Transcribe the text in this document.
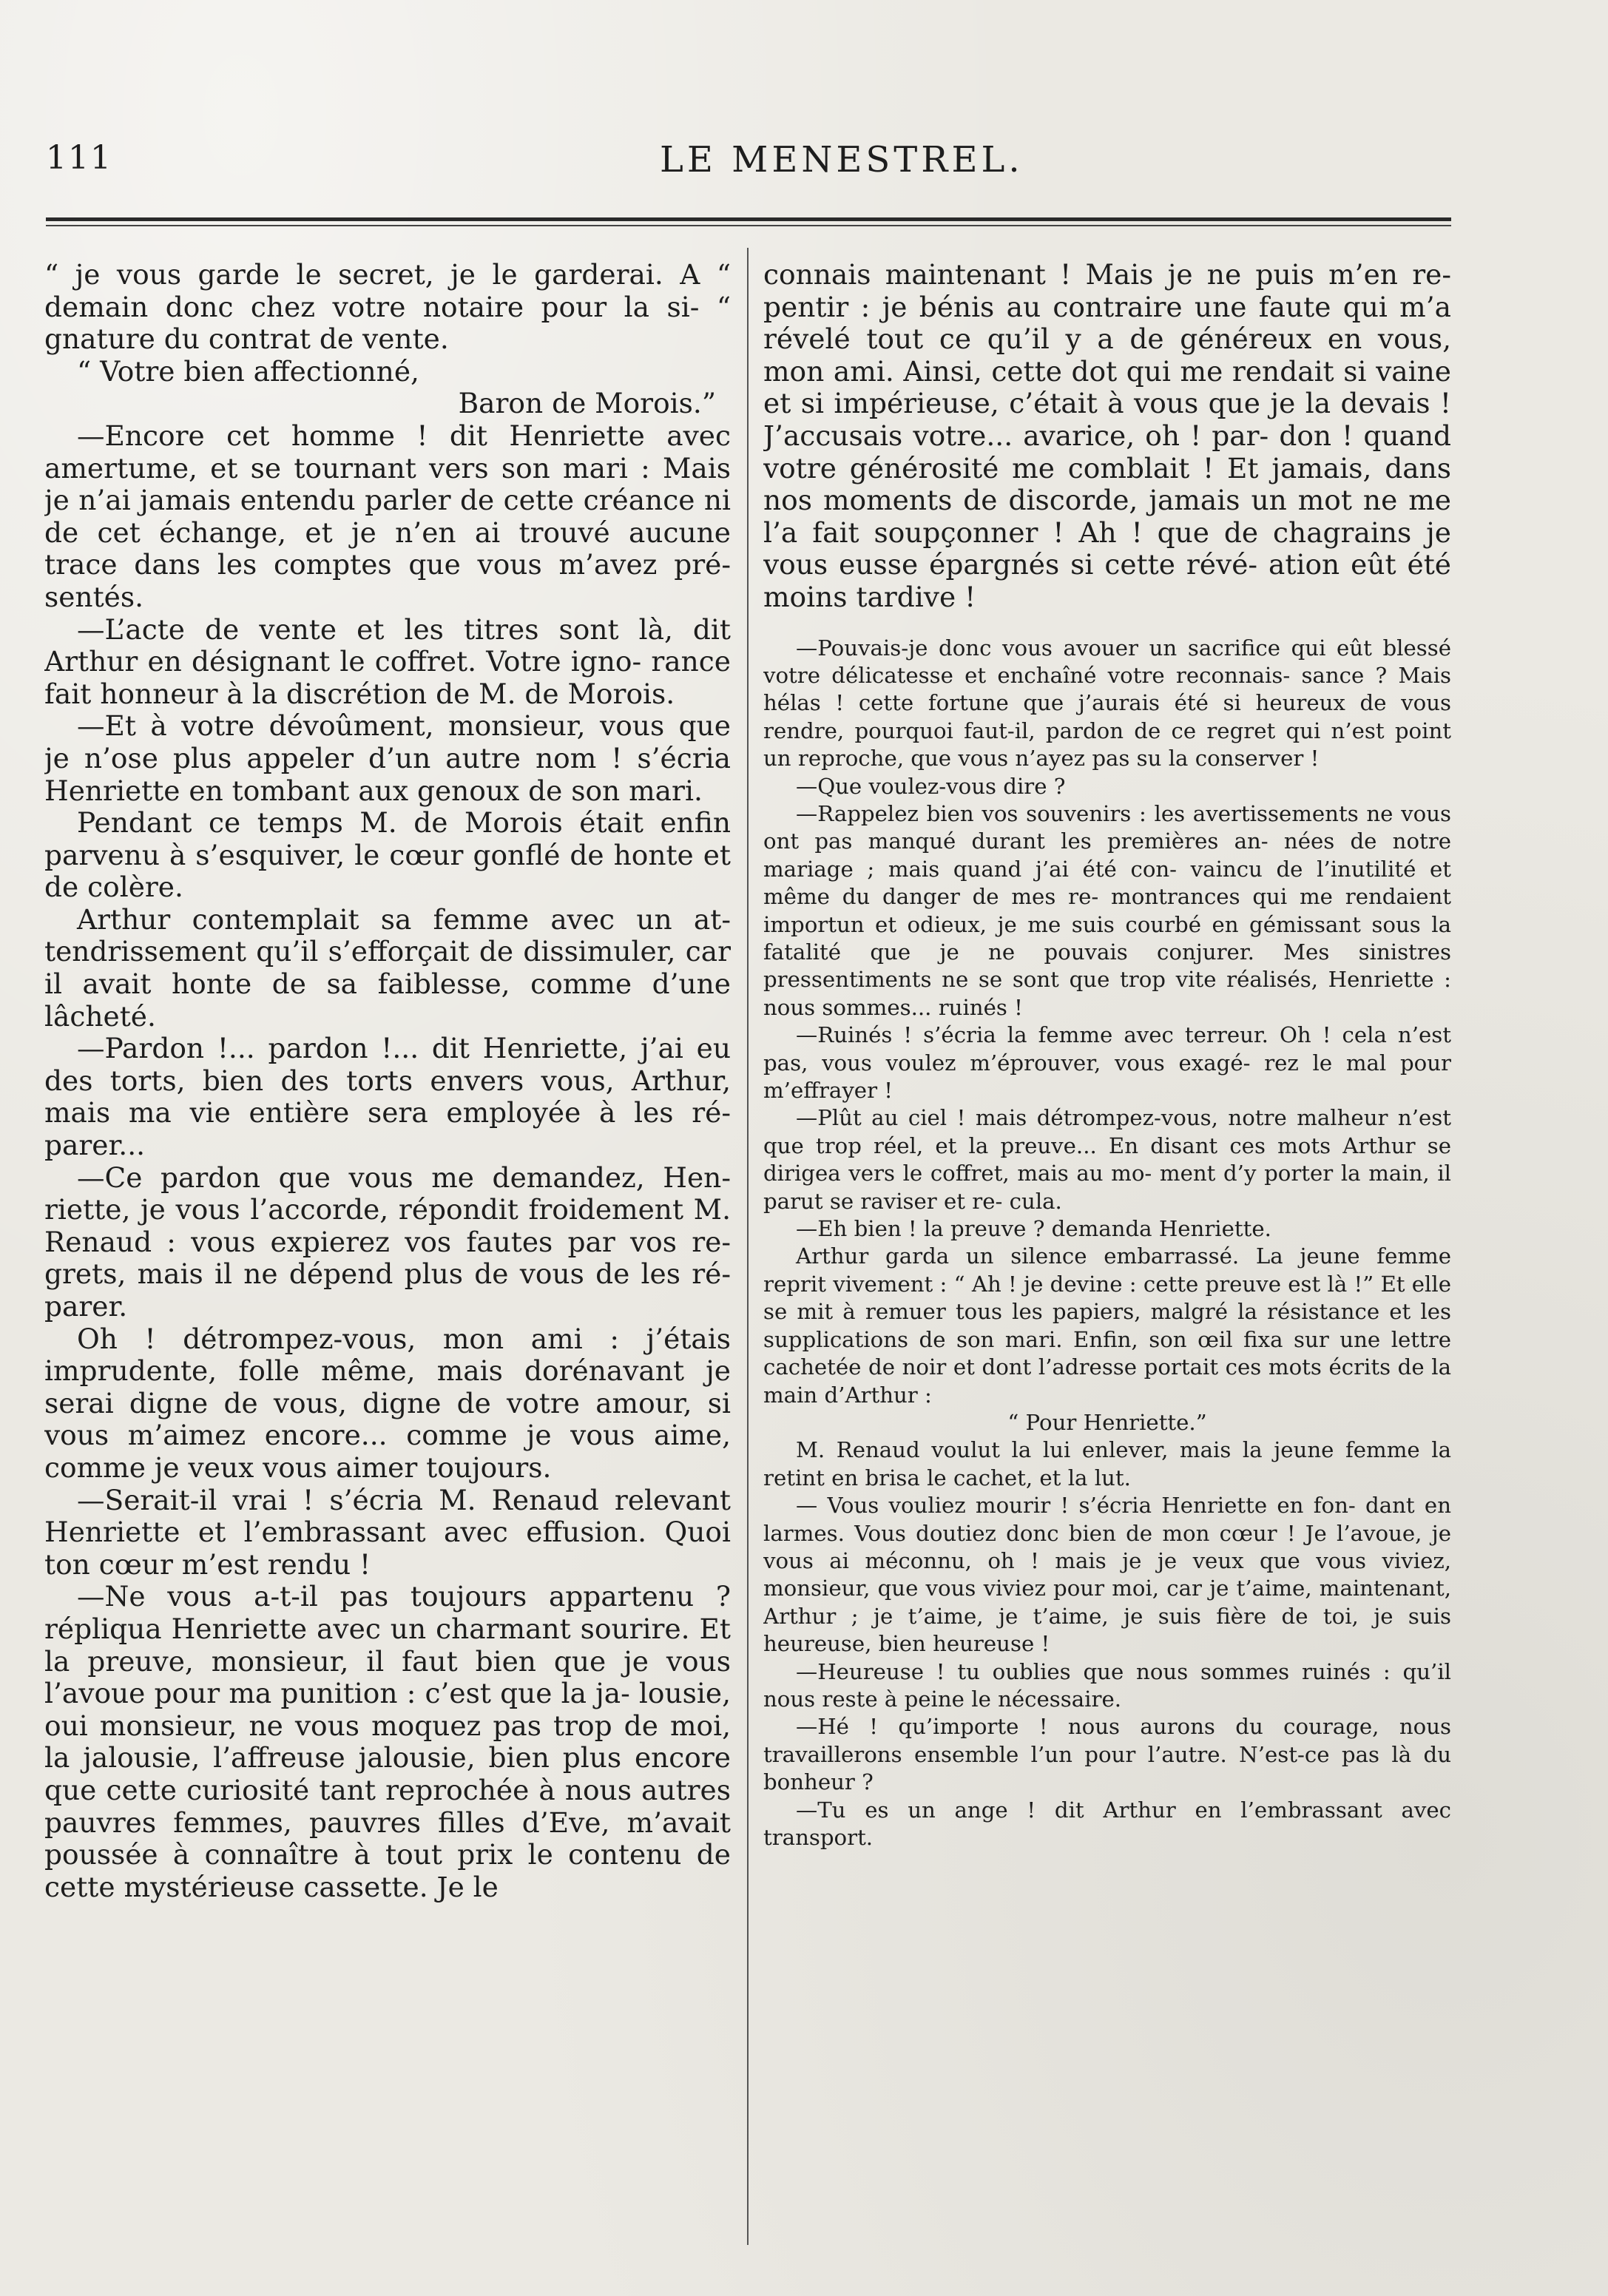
111	LE MENESTREL.

“ je vous garde le secret, je le garderai. A “ demain donc chez votre notaire pour la si- “ gnature du contrat de vente.

“ Votre bien affectionné,

Baron de Morois.”

—Encore cet homme ! dit Henriette avec amertume, et se tournant vers son mari : Mais je n’ai jamais entendu parler de cette créance ni de cet échange, et je n’en ai trouvé aucune trace dans les comptes que vous m’avez pré- sentés.

—L’acte de vente et les titres sont là, dit Arthur en désignant le coffret. Votre igno- rance fait honneur à la discrétion de M. de Morois.

—Et à votre dévoûment, monsieur, vous que je n’ose plus appeler d’un autre nom ! s’écria Henriette en tombant aux genoux de son mari.

Pendant ce temps M. de Morois était enfin parvenu à s’esquiver, le cœur gonflé de honte et de colère.

Arthur contemplait sa femme avec un at- tendrissement qu’il s’efforçait de dissimuler, car il avait honte de sa faiblesse, comme d’une lâcheté.

—Pardon !... pardon !... dit Henriette, j’ai eu des torts, bien des torts envers vous, Arthur, mais ma vie entière sera employée à les ré- parer...

—Ce pardon que vous me demandez, Hen- riette, je vous l’accorde, répondit froidement M. Renaud : vous expierez vos fautes par vos re- grets, mais il ne dépend plus de vous de les ré- parer.

Oh ! détrompez-vous, mon ami : j’étais imprudente, folle même, mais dorénavant je serai digne de vous, digne de votre amour, si vous m’aimez encore... comme je vous aime, comme je veux vous aimer toujours.

—Serait-il vrai ! s’écria M. Renaud relevant Henriette et l’embrassant avec effusion. Quoi ton cœur m’est rendu !

—Ne vous a-t-il pas toujours appartenu ? répliqua Henriette avec un charmant sourire. Et la preuve, monsieur, il faut bien que je vous l’avoue pour ma punition : c’est que la ja- lousie, oui monsieur, ne vous moquez pas trop de moi, la jalousie, l’affreuse jalousie, bien plus encore que cette curiosité tant reprochée à nous autres pauvres femmes, pauvres filles d’Eve, m’avait poussée à connaître à tout prix le contenu de cette mystérieuse cassette. Je le

connais maintenant ! Mais je ne puis m’en re- pentir : je bénis au contraire une faute qui m’a révelé tout ce qu’il y a de généreux en vous, mon ami. Ainsi, cette dot qui me rendait si vaine et si impérieuse, c’était à vous que je la devais ! J’accusais votre... avarice, oh ! par- don ! quand votre générosité me comblait ! Et jamais, dans nos moments de discorde, jamais un mot ne me l’a fait soupçonner ! Ah ! que de chagrains je vous eusse épargnés si cette révé- ation eût été moins tardive !

—Pouvais-je donc vous avouer un sacrifice qui eût blessé votre délicatesse et enchaîné votre reconnais- sance ? Mais hélas ! cette fortune que j’aurais été si heureux de vous rendre, pourquoi faut-il, pardon de ce regret qui n’est point un reproche, que vous n’ayez pas su la conserver !

—Que voulez-vous dire ?

—Rappelez bien vos souvenirs : les avertissements ne vous ont pas manqué durant les premières an- nées de notre mariage ; mais quand j’ai été con- vaincu de l’inutilité et même du danger de mes re- montrances qui me rendaient importun et odieux, je me suis courbé en gémissant sous la fatalité que je ne pouvais conjurer. Mes sinistres pressentiments ne se sont que trop vite réalisés, Henriette : nous sommes... ruinés !

—Ruinés ! s’écria la femme avec terreur. Oh ! cela n’est pas, vous voulez m’éprouver, vous exagé- rez le mal pour m’effrayer !

—Plût au ciel ! mais détrompez-vous, notre malheur n’est que trop réel, et la preuve... En disant ces mots Arthur se dirigea vers le coffret, mais au mo- ment d’y porter la main, il parut se raviser et re- cula.

—Eh bien ! la preuve ? demanda Henriette.

Arthur garda un silence embarrassé. La jeune femme reprit vivement : “ Ah ! je devine : cette preuve est là !” Et elle se mit à remuer tous les papiers, malgré la résistance et les supplications de son mari. Enfin, son œil fixa sur une lettre cachetée de noir et dont l’adresse portait ces mots écrits de la main d’Arthur :

“ Pour Henriette.”

M. Renaud voulut la lui enlever, mais la jeune femme la retint en brisa le cachet, et la lut.

— Vous vouliez mourir ! s’écria Henriette en fon- dant en larmes. Vous doutiez donc bien de mon cœur ! Je l’avoue, je vous ai méconnu, oh ! mais je je veux que vous viviez, monsieur, que vous viviez pour moi, car je t’aime, maintenant, Arthur ; je t’aime, je t’aime, je suis fière de toi, je suis heureuse, bien heureuse !

—Heureuse ! tu oublies que nous sommes ruinés : qu’il nous reste à peine le nécessaire.

—Hé ! qu’importe ! nous aurons du courage, nous travaillerons ensemble l’un pour l’autre. N’est-ce pas là du bonheur ?

—Tu es un ange ! dit Arthur en l’embrassant avec transport.
